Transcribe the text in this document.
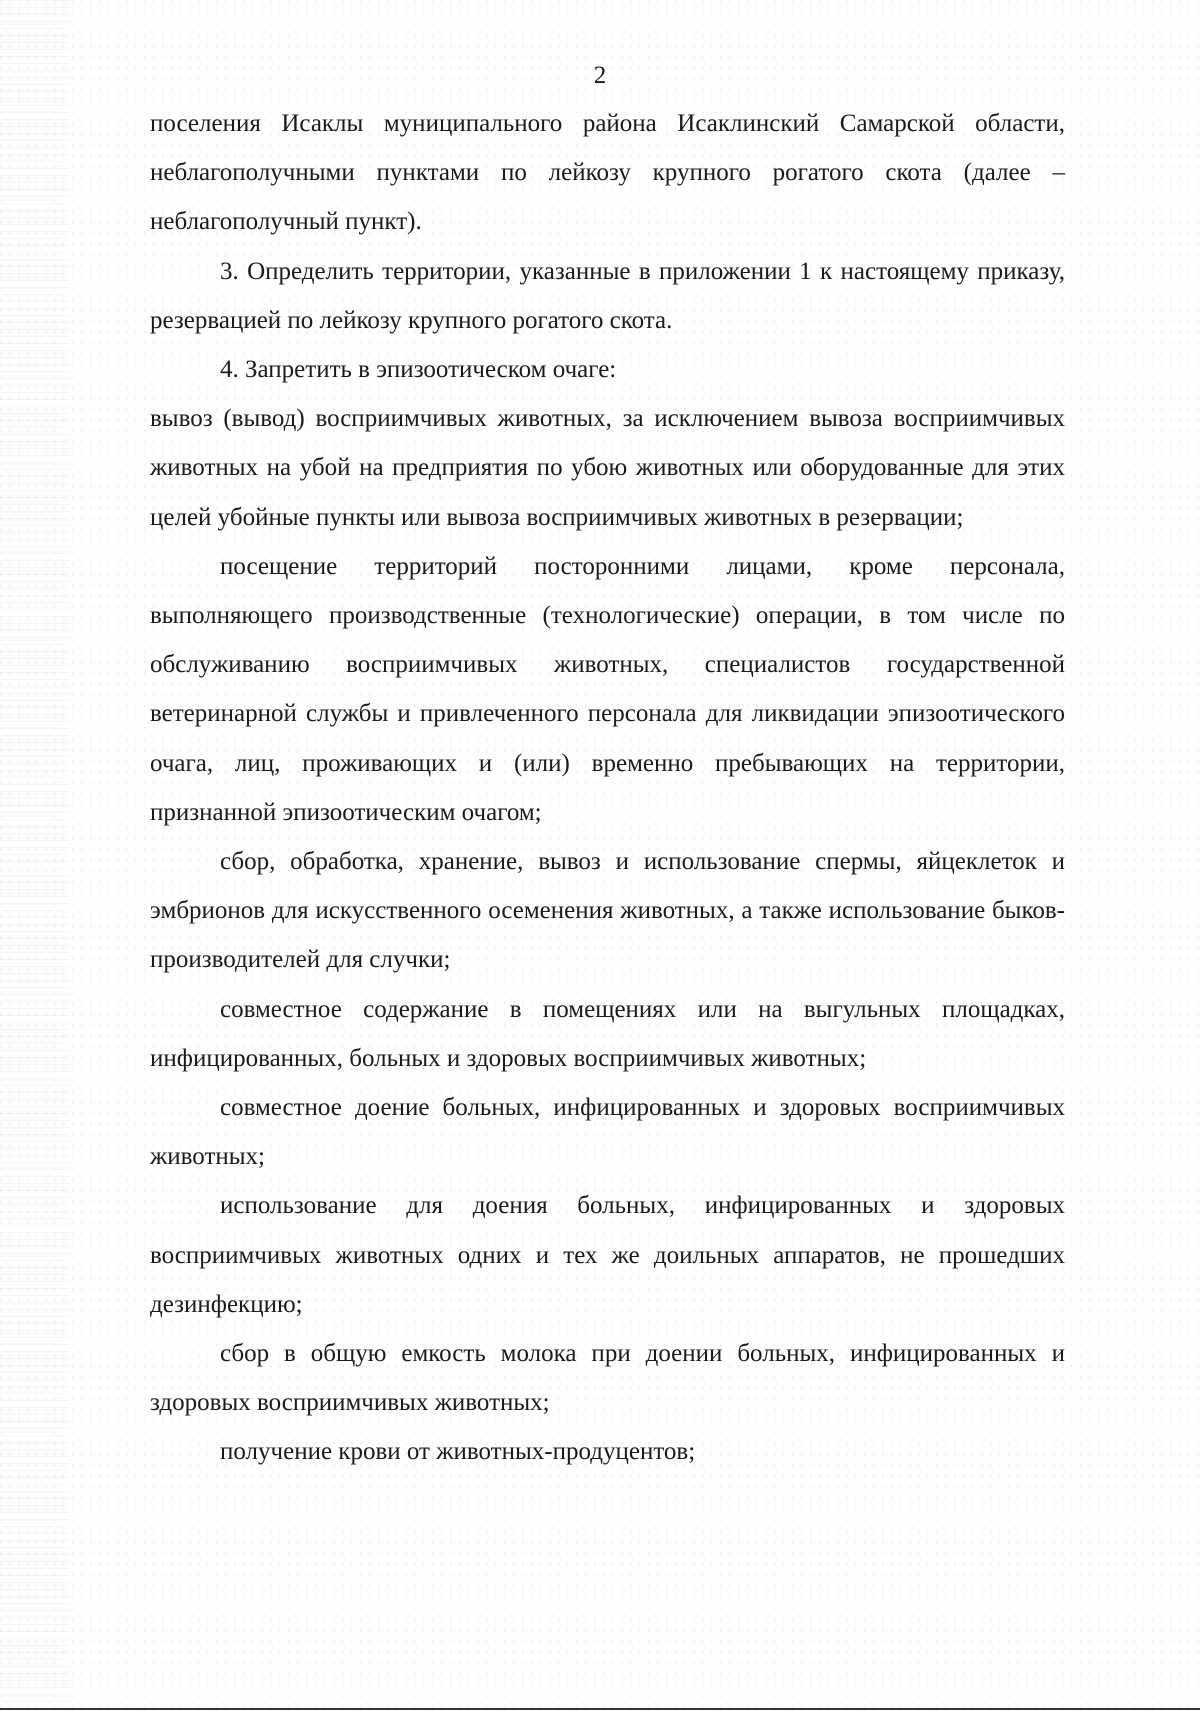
2

поселения Исаклы муниципального района Исаклинский Самарской области, неблагополучными пунктами по лейкозу крупного рогатого скота (далее – неблагополучный пункт).

3. Определить территории, указанные в приложении 1 к настоящему приказу, резервацией по лейкозу крупного рогатого скота.

4. Запретить в эпизоотическом очаге:

вывоз (вывод) восприимчивых животных, за исключением вывоза восприимчивых животных на убой на предприятия по убою животных или оборудованные для этих целей убойные пункты или вывоза восприимчивых животных в резервации;

посещение территорий посторонними лицами, кроме персонала, выполняющего производственные (технологические) операции, в том числе по обслуживанию восприимчивых животных, специалистов государственной ветеринарной службы и привлеченного персонала для ликвидации эпизоотического очага, лиц, проживающих и (или) временно пребывающих на территории, признанной эпизоотическим очагом;

сбор, обработка, хранение, вывоз и использование спермы, яйцеклеток и эмбрионов для искусственного осеменения животных, а также использование быков-производителей для случки;

совместное содержание в помещениях или на выгульных площадках, инфицированных, больных и здоровых восприимчивых животных;

совместное доение больных, инфицированных и здоровых восприимчивых животных;

использование для доения больных, инфицированных и здоровых восприимчивых животных одних и тех же доильных аппаратов, не прошедших дезинфекцию;

сбор в общую емкость молока при доении больных, инфицированных и здоровых восприимчивых животных;

получение крови от животных-продуцентов;
